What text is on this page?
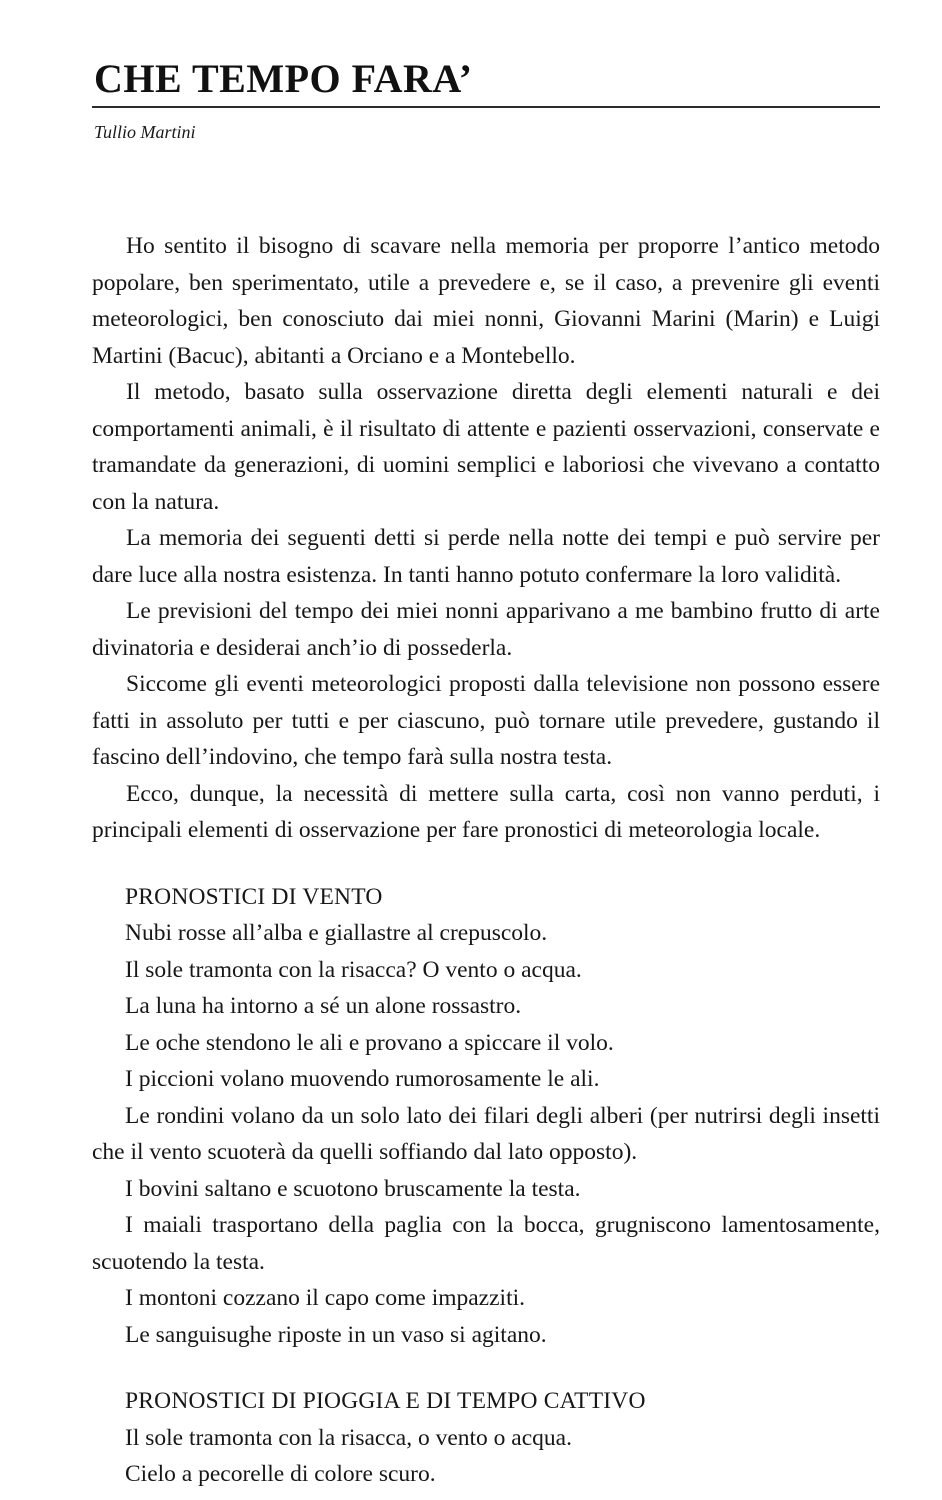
CHE TEMPO FARA’
Tullio Martini

Ho sentito il bisogno di scavare nella memoria per proporre l’antico metodo popolare, ben sperimentato, utile a prevedere e, se il caso, a prevenire gli eventi meteorologici, ben conosciuto dai miei nonni, Giovanni Marini (Marin) e Luigi Martini (Bacuc), abitanti a Orciano e a Montebello.

Il metodo, basato sulla osservazione diretta degli elementi naturali e dei comportamenti animali, è il risultato di attente e pazienti osservazioni, conservate e tramandate da generazioni, di uomini semplici e laboriosi che vivevano a contatto con la natura.

La memoria dei seguenti detti si perde nella notte dei tempi e può servire per dare luce alla nostra esistenza. In tanti hanno potuto confermare la loro validità.

Le previsioni del tempo dei miei nonni apparivano a me bambino frutto di arte divinatoria e desiderai anch’io di possederla.

Siccome gli eventi meteorologici proposti dalla televisione non possono essere fatti in assoluto per tutti e per ciascuno, può tornare utile prevedere, gustando il fascino dell’indovino, che tempo farà sulla nostra testa.

Ecco, dunque, la necessità di mettere sulla carta, così non vanno perduti, i principali elementi di osservazione per fare pronostici di meteorologia locale.

PRONOSTICI DI VENTO

Nubi rosse all’alba e giallastre al crepuscolo.

Il sole tramonta con la risacca? O vento o acqua.

La luna ha intorno a sé un alone rossastro.

Le oche stendono le ali e provano a spiccare il volo.

I piccioni volano muovendo rumorosamente le ali.

Le rondini volano da un solo lato dei filari degli alberi (per nutrirsi degli insetti che il vento scuoterà da quelli soffiando dal lato opposto).

I bovini saltano e scuotono bruscamente la testa.

I maiali trasportano della paglia con la bocca, grugniscono lamentosamente, scuotendo la testa.

I montoni cozzano il capo come impazziti.

Le sanguisughe riposte in un vaso si agitano.

PRONOSTICI DI PIOGGIA E DI TEMPO CATTIVO

Il sole tramonta con la risacca, o vento o acqua.

Cielo a pecorelle di colore scuro.
